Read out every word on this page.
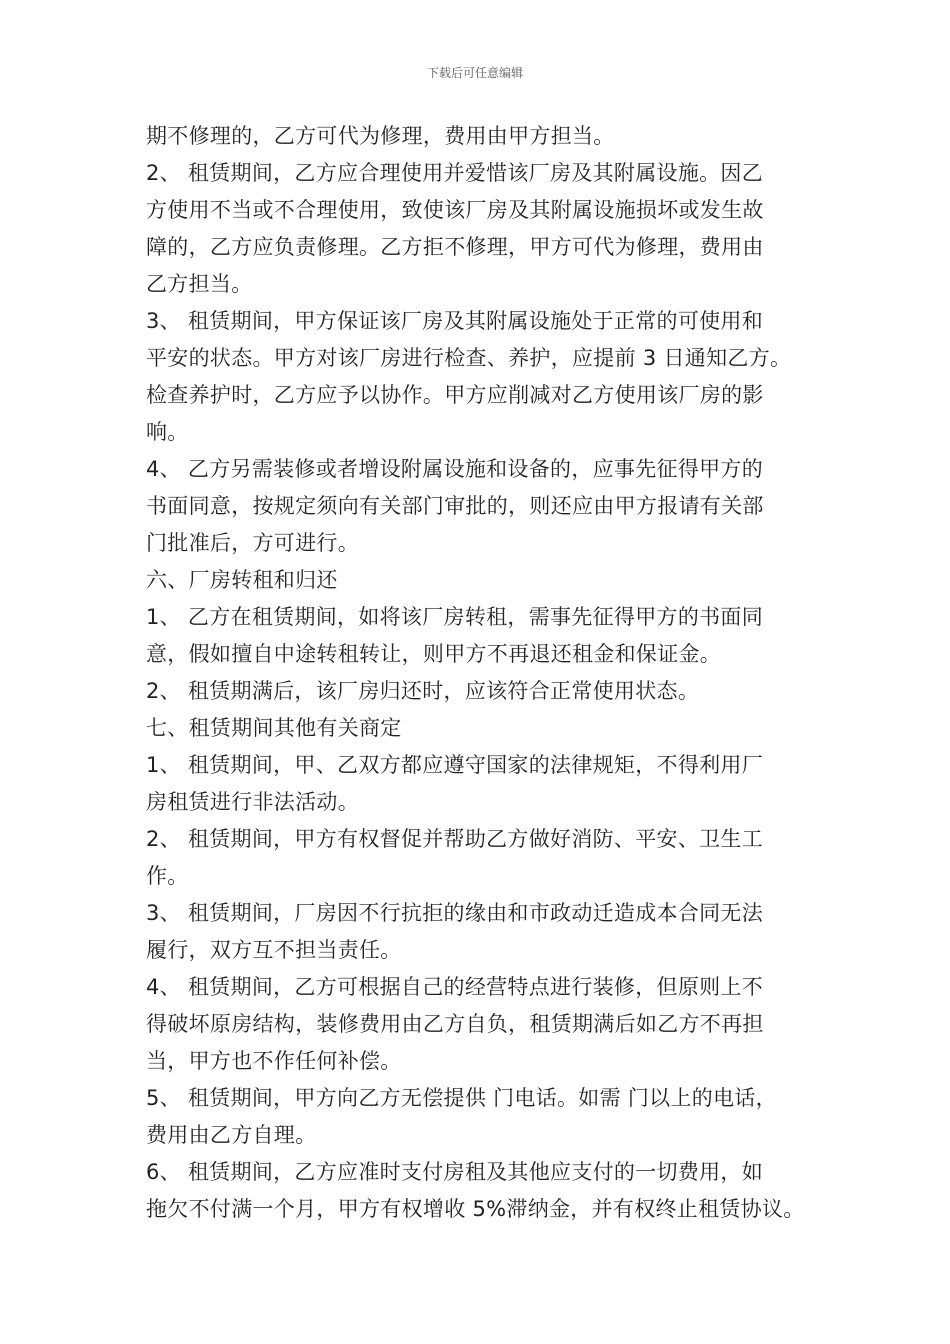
下载后可任意编辑
期不修理的，乙方可代为修理，费用由甲方担当。
2、 租赁期间，乙方应合理使用并爱惜该厂房及其附属设施。因乙
方使用不当或不合理使用，致使该厂房及其附属设施损坏或发生故
障的，乙方应负责修理。乙方拒不修理，甲方可代为修理，费用由
乙方担当。
3、 租赁期间，甲方保证该厂房及其附属设施处于正常的可使用和
平安的状态。甲方对该厂房进行检查、养护，应提前 3 日通知乙方。
检查养护时，乙方应予以协作。甲方应削减对乙方使用该厂房的影
响。
4、 乙方另需装修或者增设附属设施和设备的，应事先征得甲方的
书面同意，按规定须向有关部门审批的，则还应由甲方报请有关部
门批准后，方可进行。
六、厂房转租和归还
1、 乙方在租赁期间，如将该厂房转租，需事先征得甲方的书面同
意，假如擅自中途转租转让，则甲方不再退还租金和保证金。
2、 租赁期满后，该厂房归还时，应该符合正常使用状态。
七、租赁期间其他有关商定
1、 租赁期间，甲、乙双方都应遵守国家的法律规矩，不得利用厂
房租赁进行非法活动。
2、 租赁期间，甲方有权督促并帮助乙方做好消防、平安、卫生工
作。
3、 租赁期间，厂房因不行抗拒的缘由和市政动迁造成本合同无法
履行，双方互不担当责任。
4、 租赁期间，乙方可根据自己的经营特点进行装修，但原则上不
得破坏原房结构，装修费用由乙方自负，租赁期满后如乙方不再担
当，甲方也不作任何补偿。
5、 租赁期间，甲方向乙方无偿提供 门电话。如需 门以上的电话，
费用由乙方自理。
6、 租赁期间，乙方应准时支付房租及其他应支付的一切费用，如
拖欠不付满一个月，甲方有权增收 5%滞纳金，并有权终止租赁协议。
